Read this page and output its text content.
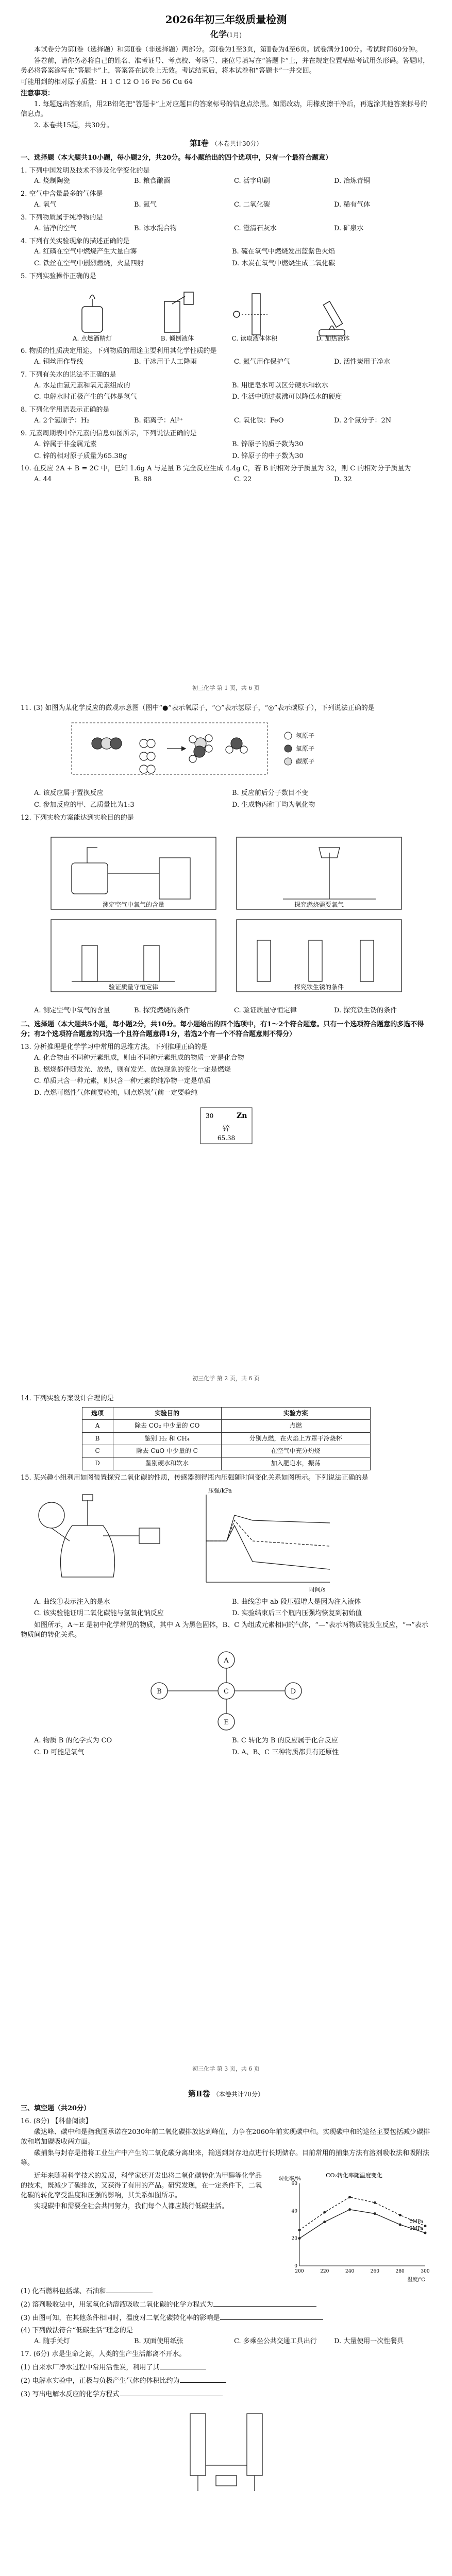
2026年初三年级质量检测
化学(1月)

本试卷分为第Ⅰ卷（选择题）和第Ⅱ卷（非选择题）两部分。第Ⅰ卷为1至3页，第Ⅱ卷为4至6页。试卷满分100分。考试时间60分钟。

答卷前，请你务必将自己的姓名、准考证号、考点校、考场号、座位号填写在“答题卡”上，并在规定位置粘贴考试用条形码。答题时，务必将答案涂写在“答题卡”上，答案答在试卷上无效。考试结束后，将本试卷和“答题卡”一并交回。

可能用到的相对原子质量：H 1 C 12 O 16 Fe 56 Cu 64

注意事项：

1. 每题选出答案后，用2B铅笔把“答题卡”上对应题目的答案标号的信息点涂黑。如需改动，用橡皮擦干净后，再选涂其他答案标号的信息点。

2. 本卷共15题，共30分。

第Ⅰ卷 （本卷共计30分）
一、选择题（本大题共10小题，每小题2分，共20分。每小题给出的四个选项中，只有一个最符合题意）
1. 下列中国发明及技术不涉及化学变化的是
A. 烧制陶瓷	B. 粮食酿酒	C. 活字印刷	D. 冶炼青铜
2. 空气中含量最多的气体是
A. 氧气	B. 氮气	C. 二氧化碳	D. 稀有气体
3. 下列物质属于纯净物的是
A. 洁净的空气	B. 冰水混合物	C. 澄清石灰水	D. 矿泉水
4. 下列有关实验现象的描述正确的是
A. 红磷在空气中燃烧产生大量白雾	B. 硫在氧气中燃烧发出蓝紫色火焰
C. 铁丝在空气中剧烈燃烧，火星四射	D. 木炭在氧气中燃烧生成二氧化碳
5. 下列实验操作正确的是
A. 点燃酒精灯	B. 倾倒液体	C. 读取液体体积	D. 加热液体
6. 物质的性质决定用途。下列物质的用途主要利用其化学性质的是
A. 铜丝用作导线	B. 干冰用于人工降雨	C. 氮气用作保护气	D. 活性炭用于净水
7. 下列有关水的说法不正确的是
A. 水是由氢元素和氧元素组成的	B. 用肥皂水可以区分硬水和软水
C. 电解水时正极产生的气体是氢气	D. 生活中通过煮沸可以降低水的硬度
8. 下列化学用语表示正确的是
A. 2个氢原子：H₂	B. 铝离子：Al³⁺	C. 氧化铁：FeO	D. 2个氮分子：2N
9. 元素周期表中锌元素的信息如图所示，下列说法正确的是
A. 锌属于非金属元素	B. 锌原子的质子数为30
C. 锌的相对原子质量为65.38g	D. 锌原子的中子数为30
10. 在反应 2A + B = 2C 中，已知 1.6g A 与足量 B 完全反应生成 4.4g C，若 B 的相对分子质量为 32，则 C 的相对分子质量为
A. 44	B. 88	C. 22	D. 32
初三化学 第 1 页，共 6 页
11. (3) 如图为某化学反应的微观示意图（图中“●”表示氧原子，“○”表示氢原子，“◎”表示碳原子），下列说法正确的是
氢原子
氧原子
碳原子
A. 该反应属于置换反应	B. 反应前后分子数目不变
C. 参加反应的甲、乙质量比为1:3	D. 生成物丙和丁均为氧化物
12. 下列实验方案能达到实验目的的是
测定空气中氧气的含量	探究燃烧需要氧气
验证质量守恒定律	探究铁生锈的条件
A. 测定空气中氧气的含量	B. 探究燃烧的条件	C. 验证质量守恒定律	D. 探究铁生锈的条件
二、选择题（本大题共5小题，每小题2分，共10分。每小题给出的四个选项中，有1～2个符合题意。只有一个选项符合题意的多选不得分；有2个选项符合题意的只选一个且符合题意得1分，若选2个有一个不符合题意则不得分）
13. 分析推理是化学学习中常用的思维方法。下列推理正确的是
A. 化合物由不同种元素组成，则由不同种元素组成的物质一定是化合物
B. 燃烧都伴随发光、放热，则有发光、放热现象的变化一定是燃烧
C. 单质只含一种元素，则只含一种元素的纯净物一定是单质
D. 点燃可燃性气体前要验纯，则点燃氢气前一定要验纯
30	Zn
锌
65.38
初三化学 第 2 页，共 6 页
14. 下列实验方案设计合理的是
选项	实验目的	实验方案
A	除去 CO₂ 中少量的 CO	点燃
B	鉴别 H₂ 和 CH₄	分别点燃，在火焰上方罩干冷烧杯
C	除去 CuO 中少量的 C	在空气中充分灼烧
D	鉴别硬水和软水	加入肥皂水，振荡
15. 某兴趣小组利用如图装置探究二氧化碳的性质，传感器测得瓶内压强随时间变化关系如图所示。下列说法正确的是
压强/kPa
时间/s
A. 曲线①表示注入的是水	B. 曲线②中 ab 段压强增大是因为注入液体
C. 该实验能证明二氧化碳能与氢氧化钠反应	D. 实验结束后三个瓶内压强均恢复到初始值

如图所示，A～E 是初中化学常见的物质，其中 A 为黑色固体，B、C 为组成元素相同的气体，“—”表示两物质能发生反应，“→”表示物质间的转化关系。

A
B	C	D
E
A. 物质 B 的化学式为 CO	B. C 转化为 B 的反应属于化合反应
C. D 可能是氧气	D. A、B、C 三种物质都具有还原性
初三化学 第 3 页，共 6 页
第Ⅱ卷 （本卷共计70分）
三、填空题（共20分）
16. (8分) 【科普阅读】

碳达峰、碳中和是指我国承诺在2030年前二氧化碳排放达到峰值，力争在2060年前实现碳中和。实现碳中和的途径主要包括减少碳排放和增加碳吸收两方面。

碳捕集与封存是指将工业生产中产生的二氧化碳分离出来，输送到封存地点进行长期储存。目前常用的捕集方法有溶剂吸收法和吸附法等。

近年来随着科学技术的发展，科学家还开发出将二氧化碳转化为甲醇等化学品的技术，既减少了碳排放，又获得了有用的产品。研究发现，在一定条件下，二氧化碳的转化率受温度和压强的影响，其关系如图所示。

实现碳中和需要全社会共同努力，我们每个人都应践行低碳生活。

CO₂转化率随温度变化
温度/℃
转化率/%
200	220	240	260	280	300
0
20
40
60
3MPa
5MPa
(1) 化石燃料包括煤、石油和
(2) 溶剂吸收法中，用氢氧化钠溶液吸收二氧化碳的化学方程式为
(3) 由图可知，在其他条件相同时，温度对二氧化碳转化率的影响是
(4) 下列做法符合“低碳生活”理念的是
A. 随手关灯	B. 双面使用纸张	C. 多乘坐公共交通工具出行	D. 大量使用一次性餐具
17. (6分) 水是生命之源，人类的生产生活都离不开水。
(1) 自来水厂净水过程中常用活性炭，利用了其
(2) 电解水实验中，正极与负极产生气体的体积比约为
(3) 写出电解水反应的化学方程式
